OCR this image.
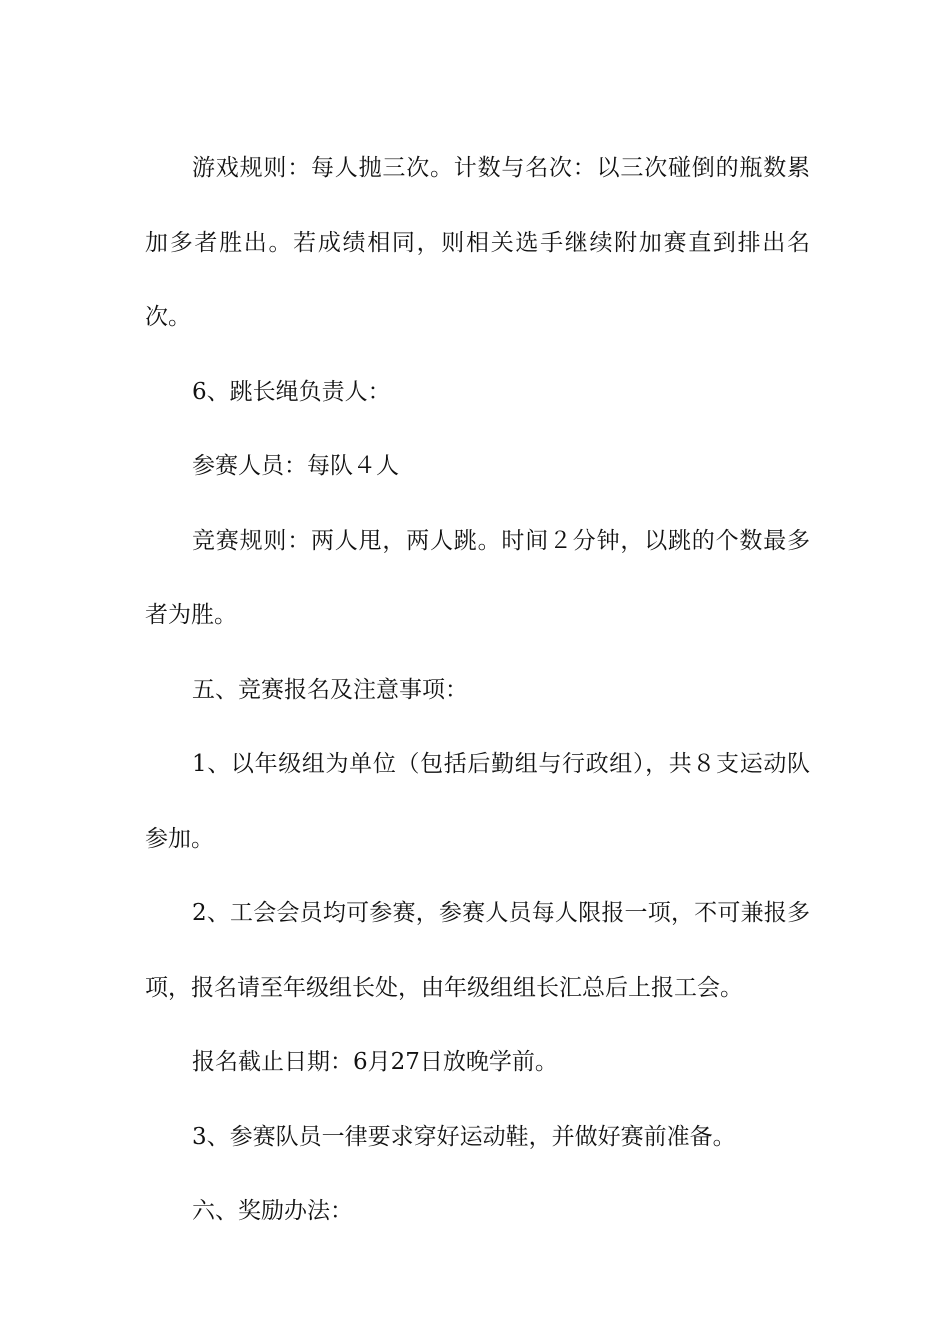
游戏规则：每人抛三次。计数与名次：以三次碰倒的瓶数累加多者胜出。若成绩相同，则相关选手继续附加赛直到排出名次。

6、跳长绳负责人：

参赛人员：每队４人

竞赛规则：两人甩，两人跳。时间２分钟，以跳的个数最多者为胜。

五、竞赛报名及注意事项：

1、以年级组为单位（包括后勤组与行政组），共８支运动队参加。

2、工会会员均可参赛，参赛人员每人限报一项，不可兼报多项，报名请至年级组长处，由年级组组长汇总后上报工会。

报名截止日期：6月27日放晚学前。

3、参赛队员一律要求穿好运动鞋，并做好赛前准备。

六、奖励办法：
